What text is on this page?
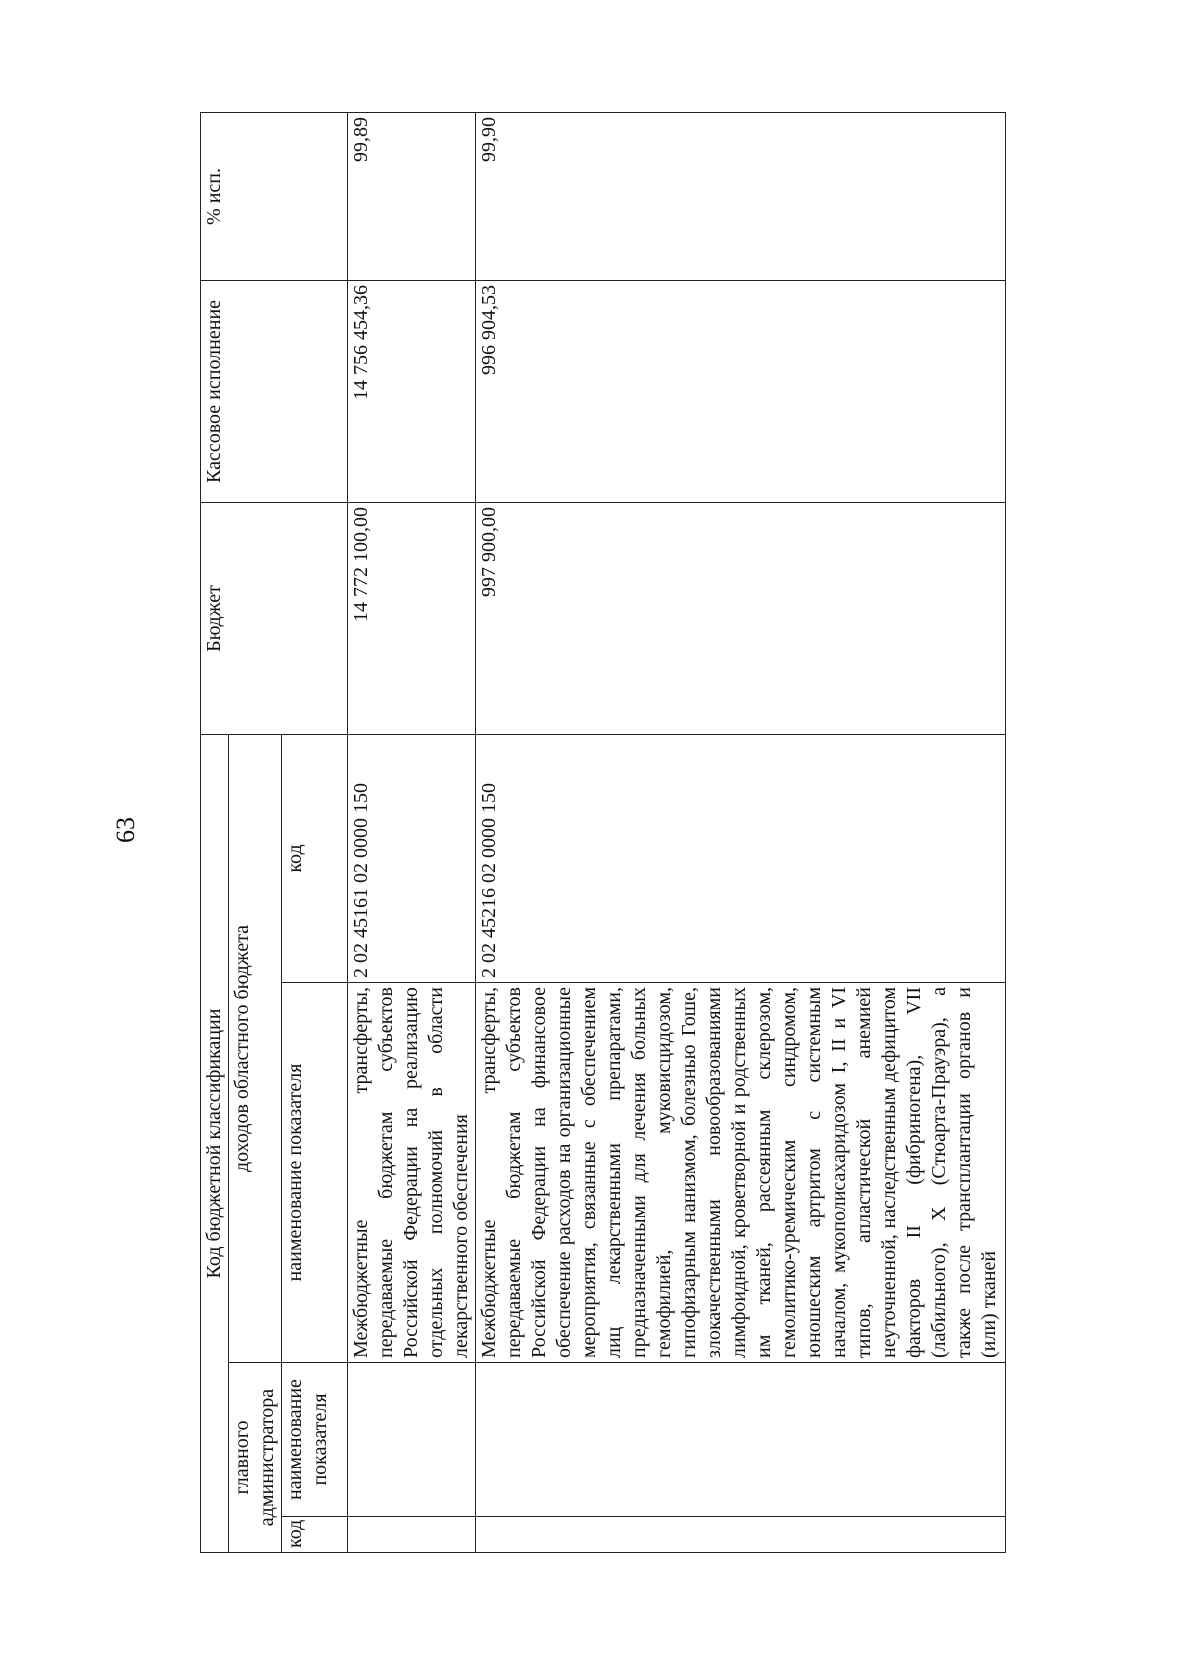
63
Код бюджетной классификации				Бюджет	Кассовое исполнение	% исп.
главного администратора		доходов областного бюджета				
код	наименование показателя	наименование показателя	код			
		Межбюджетные трансферты, передаваемые бюджетам субъектов Российской Федерации на реализацию отдельных полномочий в области лекарственного обеспечения	2 02 45161 02 0000 150	14 772 100,00	14 756 454,36	99,89
		Межбюджетные трансферты, передаваемые бюджетам субъектов Российской Федерации на финансовое обеспечение расходов на организационные мероприятия, связанные с обеспечением лиц лекарственными препаратами, предназначенными для лечения больных гемофилией, муковисцидозом, гипофизарным нанизмом, болезнью Гоше, злокачественными новообразованиями лимфоидной, кроветворной и родственных им тканей, рассеянным склерозом, гемолитико-уремическим синдромом, юношеским артритом с системным началом, мукополисахаридозом I, II и VI типов, апластической анемией неуточненной, наследственным дефицитом факторов II (фибриногена), VII (лабильного), X (Стюарта-Прауэра), а также после трансплантации органов и (или) тканей	2 02 45216 02 0000 150	997 900,00	996 904,53	99,90
